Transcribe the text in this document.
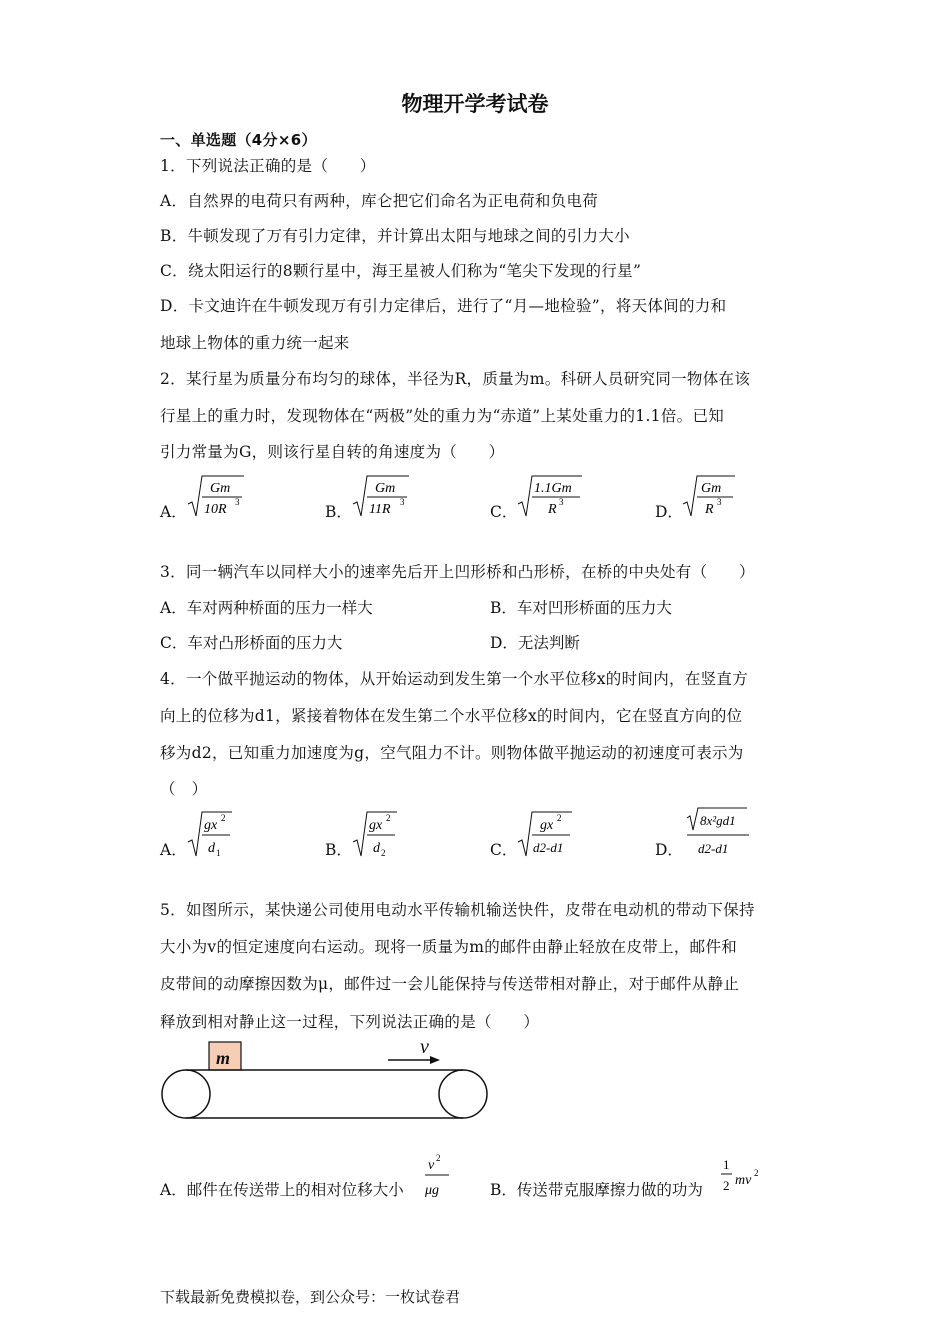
物理开学考试卷
一、单选题（4分×6）
1．下列说法正确的是（　　）
A．自然界的电荷只有两种，库仑把它们命名为正电荷和负电荷
B．牛顿发现了万有引力定律，并计算出太阳与地球之间的引力大小
C．绕太阳运行的8颗行星中，海王星被人们称为“笔尖下发现的行星”
D．卡文迪许在牛顿发现万有引力定律后，进行了“月—地检验”，将天体间的力和
地球上物体的重力统一起来
2．某行星为质量分布均匀的球体，半径为R，质量为m。科研人员研究同一物体在该
行星上的重力时，发现物体在“两极”处的重力为“赤道”上某处重力的1.1倍。已知
引力常量为G，则该行星自转的角速度为（　　）
A．
Gm
10R 3
B．
Gm
11R 3
C．
1.1Gm
R 3
D．
Gm
R 3
3．同一辆汽车以同样大小的速率先后开上凹形桥和凸形桥，在桥的中央处有（　　）
A．车对两种桥面的压力一样大	B．车对凹形桥面的压力大
C．车对凸形桥面的压力大	D．无法判断
4．一个做平抛运动的物体，从开始运动到发生第一个水平位移x的时间内，在竖直方
向上的位移为d1，紧接着物体在发生第二个水平位移x的时间内，它在竖直方向的位
移为d2，已知重力加速度为g，空气阻力不计。则物体做平抛运动的初速度可表示为
（　）
A．
gx 2
d 1	B．
gx 2
d 2	C．
gx 2
d2-d1	D．
8x²gd1
d2-d1
5．如图所示，某快递公司使用电动水平传输机输送快件，皮带在电动机的带动下保持
大小为v的恒定速度向右运动。现将一质量为m的邮件由静止轻放在皮带上，邮件和
皮带间的动摩擦因数为μ，邮件过一会儿能保持与传送带相对静止，对于邮件从静止
释放到相对静止这一过程，下列说法正确的是（　　）
m	v
A．邮件在传送带上的相对位移大小
v 2
μg	B．传送带克服摩擦力做的功为
1
2 mv 2
下载最新免费模拟卷，到公众号：一枚试卷君
